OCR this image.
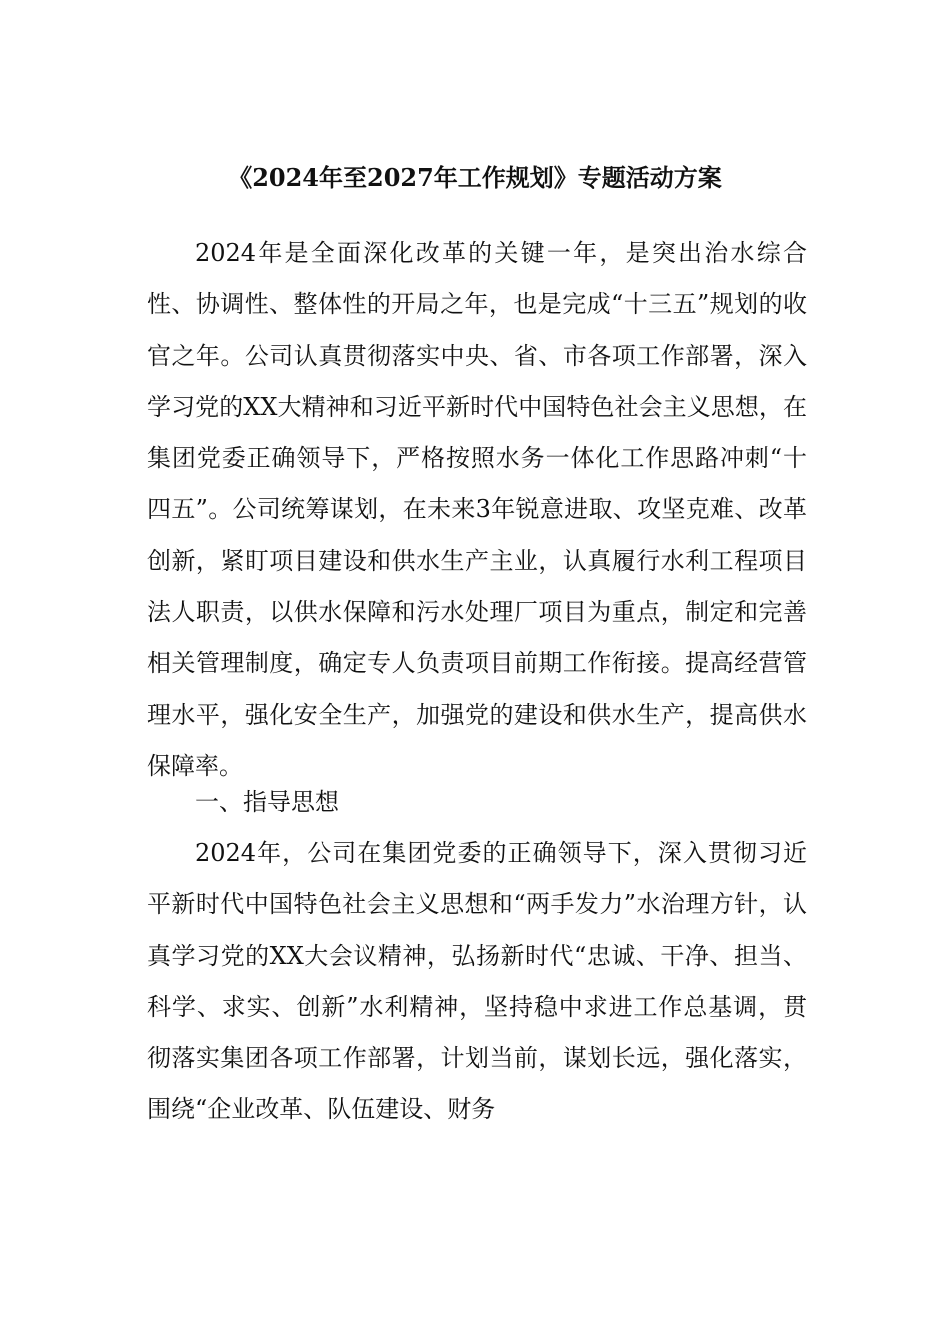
《2024年至2027年工作规划》专题活动方案

2024年是全面深化改革的关键一年，是突出治水综合性、协调性、整体性的开局之年，也是完成“十三五”规划的收官之年。公司认真贯彻落实中央、省、市各项工作部署，深入学习党的XX大精神和习近平新时代中国特色社会主义思想，在集团党委正确领导下，严格按照水务一体化工作思路冲刺“十四五”。公司统筹谋划，在未来3年锐意进取、攻坚克难、改革创新，紧盯项目建设和供水生产主业，认真履行水利工程项目法人职责，以供水保障和污水处理厂项目为重点，制定和完善相关管理制度，确定专人负责项目前期工作衔接。提高经营管理水平，强化安全生产，加强党的建设和供水生产，提高供水保障率。

一、指导思想

2024年，公司在集团党委的正确领导下，深入贯彻习近平新时代中国特色社会主义思想和“两手发力”水治理方针，认真学习党的XX大会议精神，弘扬新时代“忠诚、干净、担当、科学、求实、创新”水利精神，坚持稳中求进工作总基调，贯彻落实集团各项工作部署，计划当前，谋划长远，强化落实，围绕“企业改革、队伍建设、财务
